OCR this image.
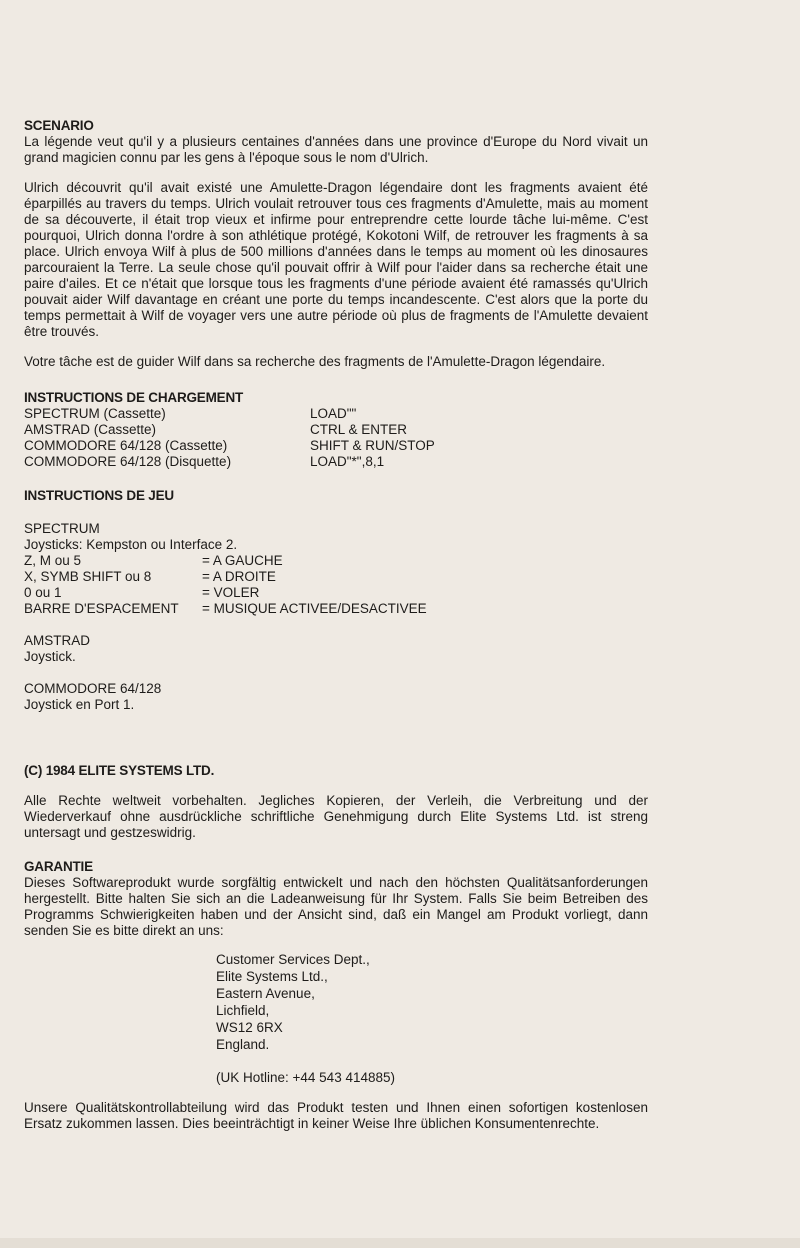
SCENARIO

La légende veut qu'il y a plusieurs centaines d'années dans une province d'Europe du Nord vivait un grand magicien connu par les gens à l'époque sous le nom d'Ulrich.

Ulrich découvrit qu'il avait existé une Amulette-Dragon légendaire dont les fragments avaient été éparpillés au travers du temps. Ulrich voulait retrouver tous ces fragments d'Amulette, mais au moment de sa découverte, il était trop vieux et infirme pour entreprendre cette lourde tâche lui-même. C'est pourquoi, Ulrich donna l'ordre à son athlétique protégé, Kokotoni Wilf, de retrouver les fragments à sa place. Ulrich envoya Wilf à plus de 500 millions d'années dans le temps au moment où les dinosaures parcouraient la Terre. La seule chose qu'il pouvait offrir à Wilf pour l'aider dans sa recherche était une paire d'ailes. Et ce n'était que lorsque tous les fragments d'une période avaient été ramassés qu'Ulrich pouvait aider Wilf davantage en créant une porte du temps incandescente. C'est alors que la porte du temps permettait à Wilf de voyager vers une autre période où plus de fragments de l'Amulette devaient être trouvés.

Votre tâche est de guider Wilf dans sa recherche des fragments de l'Amulette-Dragon légendaire.

INSTRUCTIONS DE CHARGEMENT
SPECTRUM (Cassette)	LOAD""
AMSTRAD (Cassette)	CTRL & ENTER
COMMODORE 64/128 (Cassette)	SHIFT & RUN/STOP
COMMODORE 64/128 (Disquette)	LOAD"*",8,1
INSTRUCTIONS DE JEU
SPECTRUM
Joysticks: Kempston ou Interface 2.
Z, M ou 5	= A GAUCHE
X, SYMB SHIFT ou 8	= A DROITE
0 ou 1	= VOLER
BARRE D'ESPACEMENT	= MUSIQUE ACTIVEE/DESACTIVEE
AMSTRAD
Joystick.
COMMODORE 64/128
Joystick en Port 1.
(C) 1984 ELITE SYSTEMS LTD.

Alle Rechte weltweit vorbehalten. Jegliches Kopieren, der Verleih, die Verbreitung und der Wiederverkauf ohne ausdrückliche schriftliche Genehmigung durch Elite Systems Ltd. ist streng untersagt und gestzeswidrig.

GARANTIE

Dieses Softwareprodukt wurde sorgfältig entwickelt und nach den höchsten Qualitätsanforderungen hergestellt. Bitte halten Sie sich an die Ladeanweisung für Ihr System. Falls Sie beim Betreiben des Programms Schwierigkeiten haben und der Ansicht sind, daß ein Mangel am Produkt vorliegt, dann senden Sie es bitte direkt an uns:

Customer Services Dept.,
Elite Systems Ltd.,
Eastern Avenue,
Lichfield,
WS12 6RX
England.
(UK Hotline: +44 543 414885)

Unsere Qualitätskontrollabteilung wird das Produkt testen und Ihnen einen sofortigen kostenlosen Ersatz zukommen lassen. Dies beeinträchtigt in keiner Weise Ihre üblichen Konsumentenrechte.
